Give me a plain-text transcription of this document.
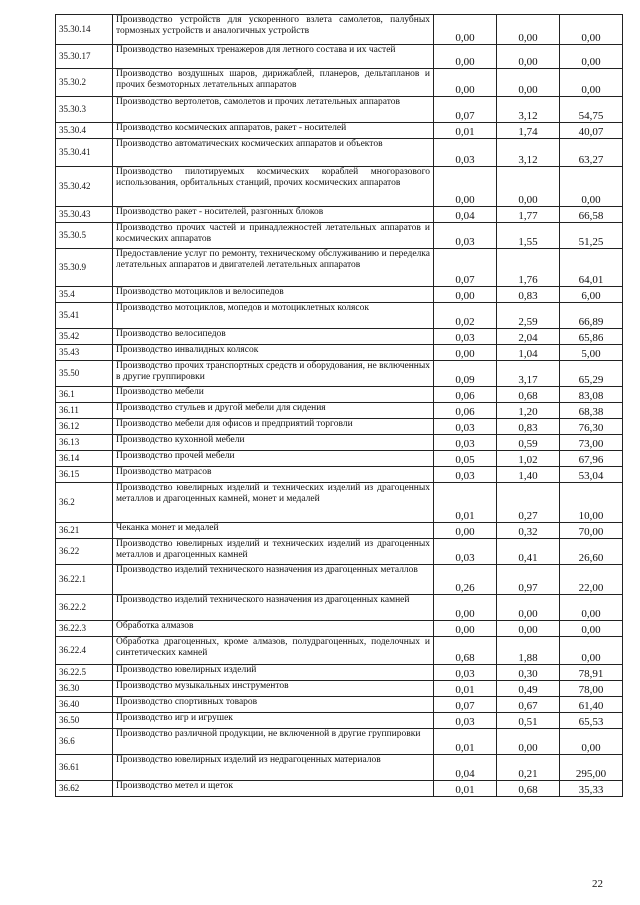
35.30.14	Производство устройств для ускоренного взлета самолетов, палубных тормозных устройств и аналогичных устройств	0,00	0,00	0,00
35.30.17	Производство наземных тренажеров для летного состава и их частей	0,00	0,00	0,00
35.30.2	Производство воздушных шаров, дирижаблей, планеров, дельтапланов и прочих безмоторных летательных аппаратов	0,00	0,00	0,00
35.30.3	Производство вертолетов, самолетов и прочих летательных аппаратов	0,07	3,12	54,75
35.30.4	Производство космических аппаратов, ракет - носителей	0,01	1,74	40,07
35.30.41	Производство автоматических космических аппаратов и объектов	0,03	3,12	63,27
35.30.42	Производство пилотируемых космических кораблей многоразового использования, орбитальных станций, прочих космических аппаратов	0,00	0,00	0,00
35.30.43	Производство ракет - носителей, разгонных блоков	0,04	1,77	66,58
35.30.5	Производство прочих частей и принадлежностей летательных аппаратов и космических аппаратов	0,03	1,55	51,25
35.30.9	Предоставление услуг по ремонту, техническому обслуживанию и переделка летательных аппаратов и двигателей летательных аппаратов	0,07	1,76	64,01
35.4	Производство мотоциклов и велосипедов	0,00	0,83	6,00
35.41	Производство мотоциклов, мопедов и мотоциклетных колясок	0,02	2,59	66,89
35.42	Производство велосипедов	0,03	2,04	65,86
35.43	Производство инвалидных колясок	0,00	1,04	5,00
35.50	Производство прочих транспортных средств и оборудования, не включенных в другие группировки	0,09	3,17	65,29
36.1	Производство мебели	0,06	0,68	83,08
36.11	Производство стульев и другой мебели для сидения	0,06	1,20	68,38
36.12	Производство мебели для офисов и предприятий торговли	0,03	0,83	76,30
36.13	Производство кухонной мебели	0,03	0,59	73,00
36.14	Производство прочей мебели	0,05	1,02	67,96
36.15	Производство матрасов	0,03	1,40	53,04
36.2	Производство ювелирных изделий и технических изделий из драгоценных металлов и драгоценных камней, монет и медалей	0,01	0,27	10,00
36.21	Чеканка монет и медалей	0,00	0,32	70,00
36.22	Производство ювелирных изделий и технических изделий из драгоценных металлов и драгоценных камней	0,03	0,41	26,60
36.22.1	Производство изделий технического назначения из драгоценных металлов	0,26	0,97	22,00
36.22.2	Производство изделий технического назначения из драгоценных камней	0,00	0,00	0,00
36.22.3	Обработка алмазов	0,00	0,00	0,00
36.22.4	Обработка драгоценных, кроме алмазов, полудрагоценных, поделочных и синтетических камней	0,68	1,88	0,00
36.22.5	Производство ювелирных изделий	0,03	0,30	78,91
36.30	Производство музыкальных инструментов	0,01	0,49	78,00
36.40	Производство спортивных товаров	0,07	0,67	61,40
36.50	Производство игр и игрушек	0,03	0,51	65,53
36.6	Производство различной продукции, не включенной в другие группировки	0,01	0,00	0,00
36.61	Производство ювелирных изделий из недрагоценных материалов	0,04	0,21	295,00
36.62	Производство метел и щеток	0,01	0,68	35,33
22
